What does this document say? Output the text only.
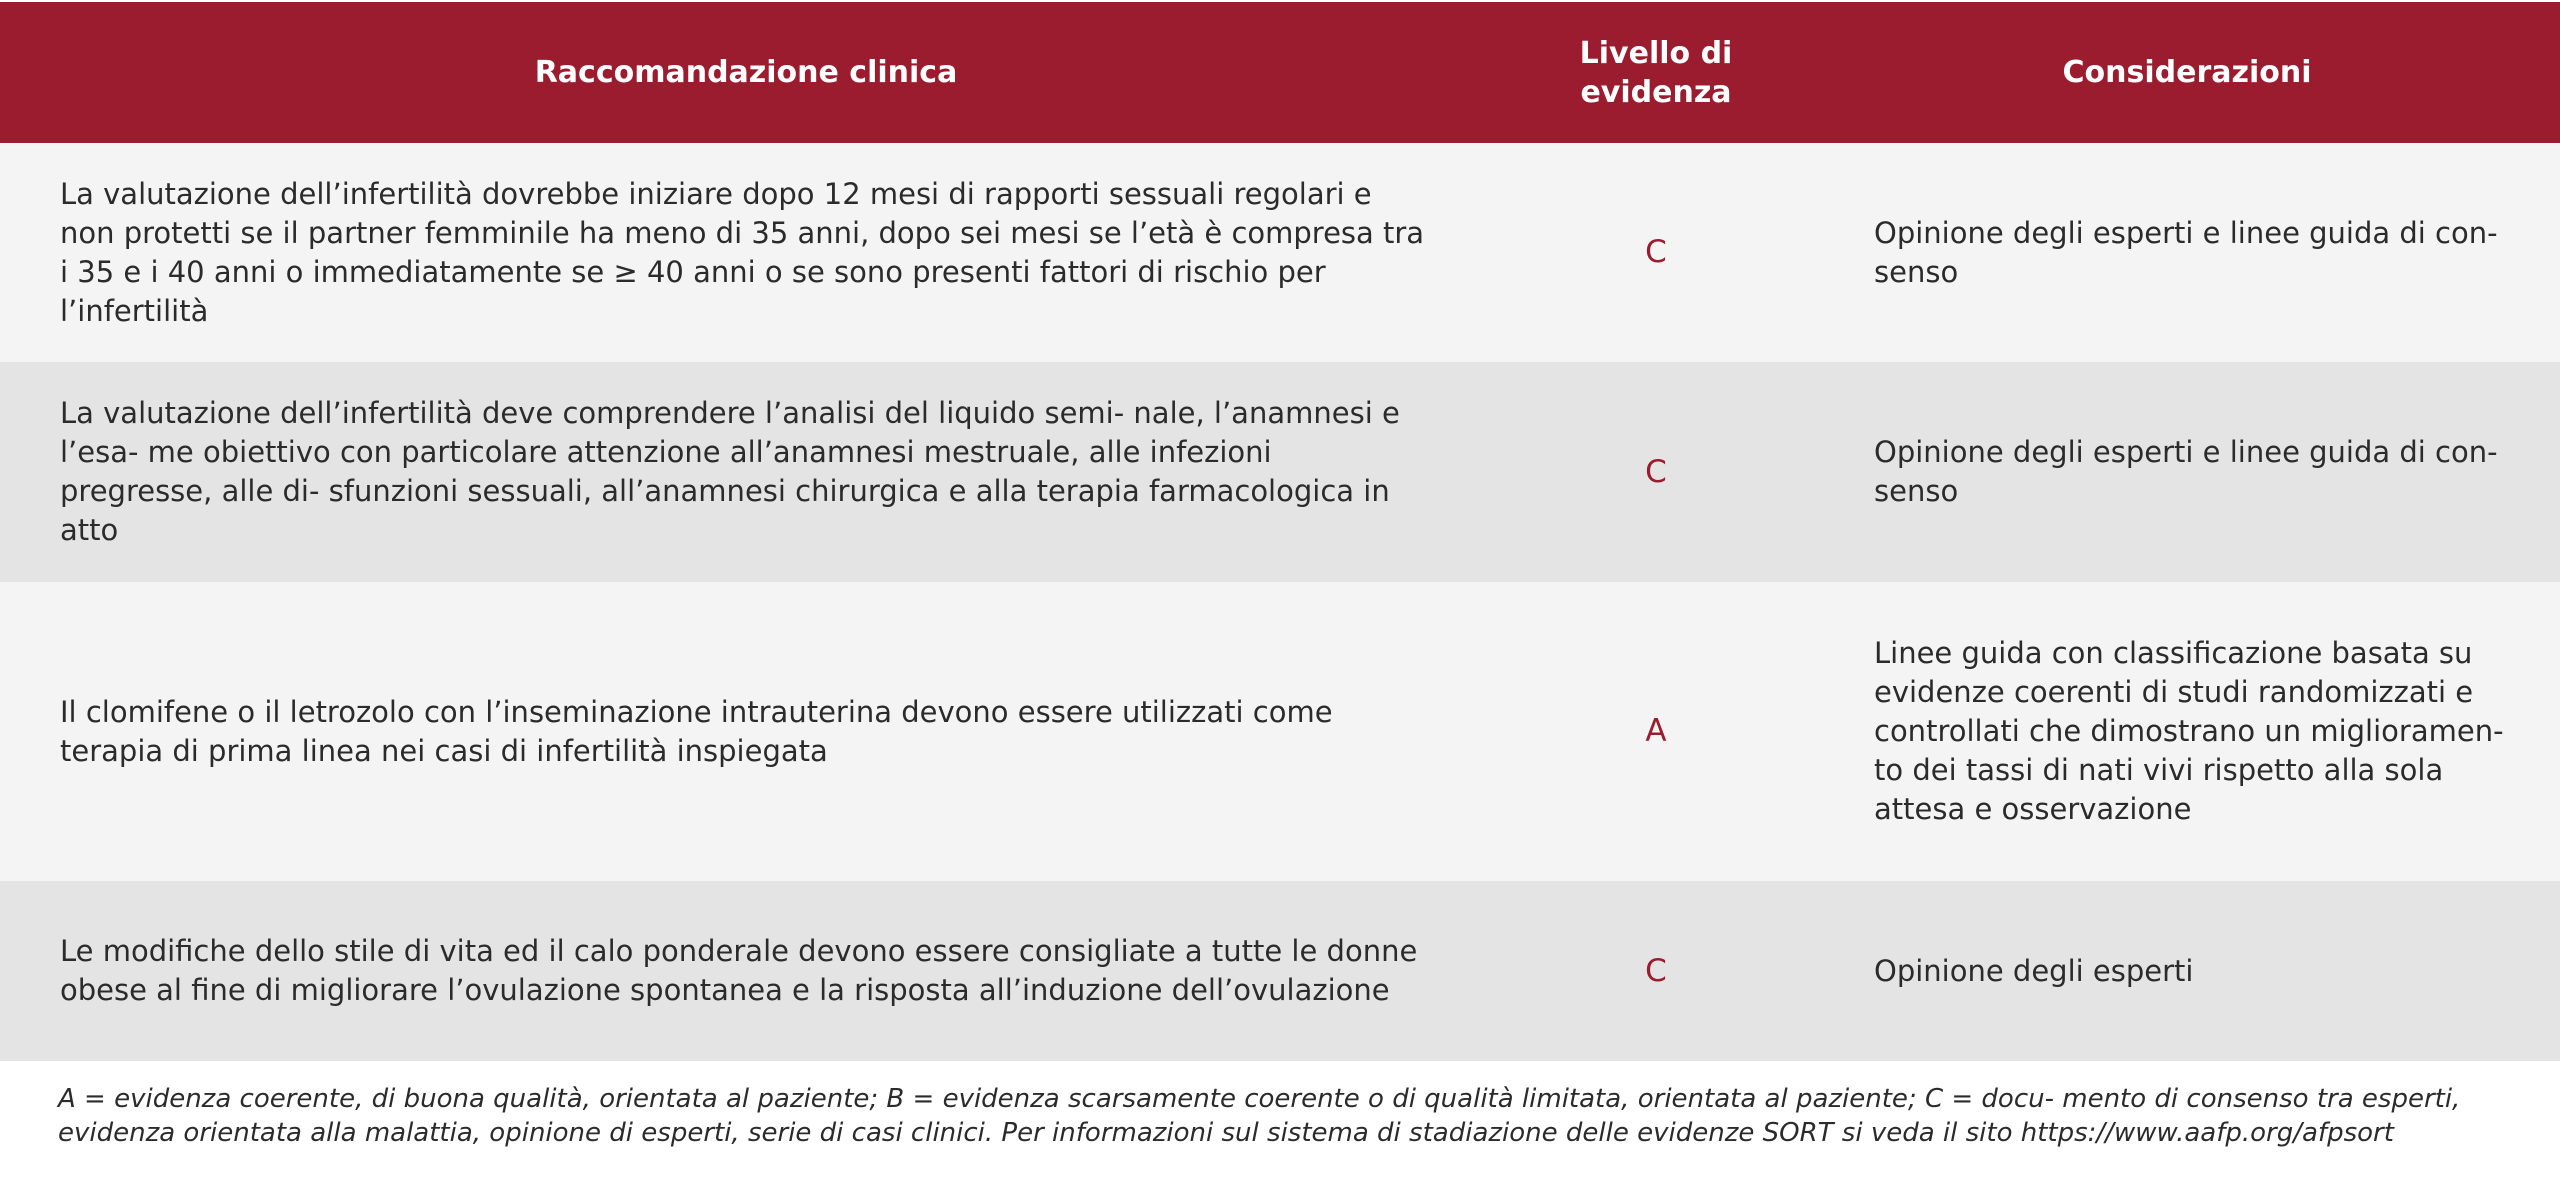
Raccomandazione clinica
Livello di evidenza
Considerazioni
La valutazione dell’infertilità dovrebbe iniziare dopo 12 mesi di rapporti sessuali regolari e non protetti se il partner femminile ha meno di 35 anni, dopo sei mesi se l’età è compresa tra i 35 e i 40 anni o immediatamente se ≥ 40 anni o se sono presenti fattori di rischio per l’infertilità
C
Opinione degli esperti e linee guida di con- senso
La valutazione dell’infertilità deve comprendere l’analisi del liquido semi- nale, l’anamnesi e l’esa- me obiettivo con particolare attenzione all’anamnesi mestruale, alle infezioni pregresse, alle di- sfunzioni sessuali, all’anamnesi chirurgica e alla terapia farmacologica in atto
C
Opinione degli esperti e linee guida di con- senso
Il clomifene o il letrozolo con l’inseminazione intrauterina devono essere utilizzati come terapia di prima linea nei casi di infertilità inspiegata
A
Linee guida con classificazione basata su evidenze coerenti di studi randomizzati e controllati che dimostrano un miglioramen- to dei tassi di nati vivi rispetto alla sola attesa e osservazione
Le modifiche dello stile di vita ed il calo ponderale devono essere consigliate a tutte le donne obese al fine di migliorare l’ovulazione spontanea e la risposta all’induzione dell’ovulazione
C	Opinione degli esperti
A = evidenza coerente, di buona qualità, orientata al paziente; B = evidenza scarsamente coerente o di qualità limitata, orientata al paziente; C = docu- mento di consenso tra esperti, evidenza orientata alla malattia, opinione di esperti, serie di casi clinici. Per informazioni sul sistema di stadiazione delle evidenze SORT si veda il sito https://www.aafp.org/afpsort
